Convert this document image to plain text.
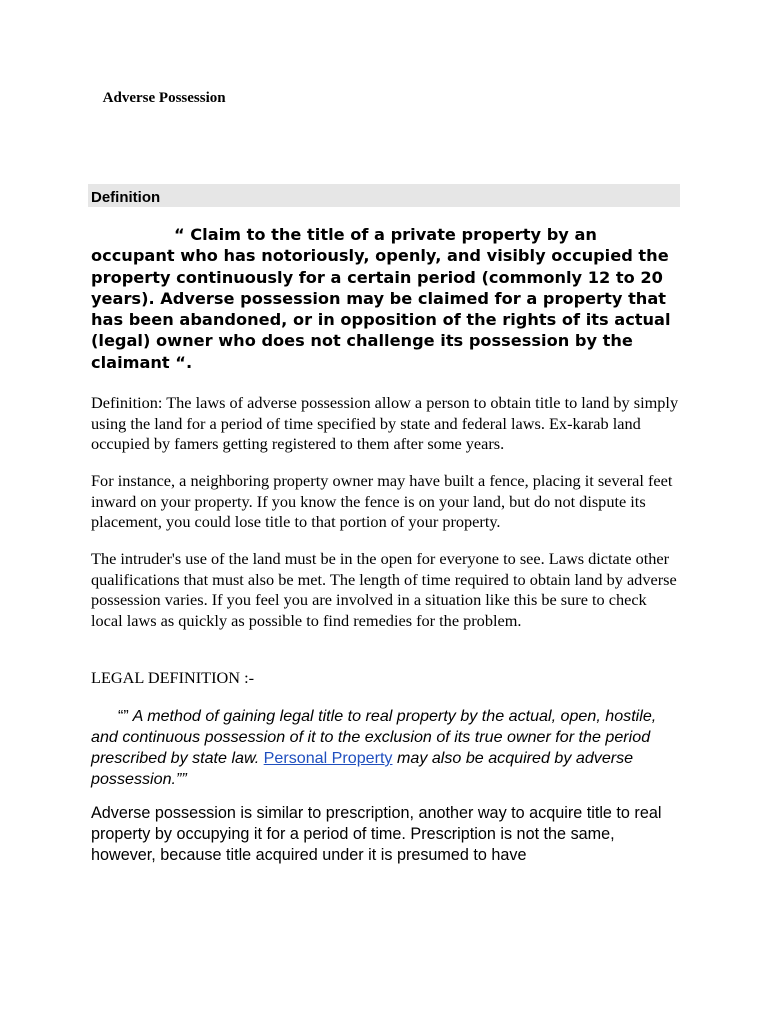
Adverse Possession
Definition

“ Claim to the title of a private property by an occupant who has notoriously, openly, and visibly occupied the property continuously for a certain period (commonly 12 to 20 years). Adverse possession may be claimed for a property that has been abandoned, or in opposition of the rights of its actual (legal) owner who does not challenge its possession by the claimant “.

Definition: The laws of adverse possession allow a person to obtain title to land by simply using the land for a period of time specified by state and federal laws. Ex-karab land occupied by famers getting registered to them after some years.

For instance, a neighboring property owner may have built a fence, placing it several feet inward on your property. If you know the fence is on your land, but do not dispute its placement, you could lose title to that portion of your property.

The intruder's use of the land must be in the open for everyone to see. Laws dictate other qualifications that must also be met. The length of time required to obtain land by adverse possession varies. If you feel you are involved in a situation like this be sure to check local laws as quickly as possible to find remedies for the problem.

LEGAL DEFINITION :-

“” A method of gaining legal title to real property by the actual, open, hostile, and continuous possession of it to the exclusion of its true owner for the period prescribed by state law. Personal Property may also be acquired by adverse possession.””

Adverse possession is similar to prescription, another way to acquire title to real property by occupying it for a period of time. Prescription is not the same, however, because title acquired under it is presumed to have
